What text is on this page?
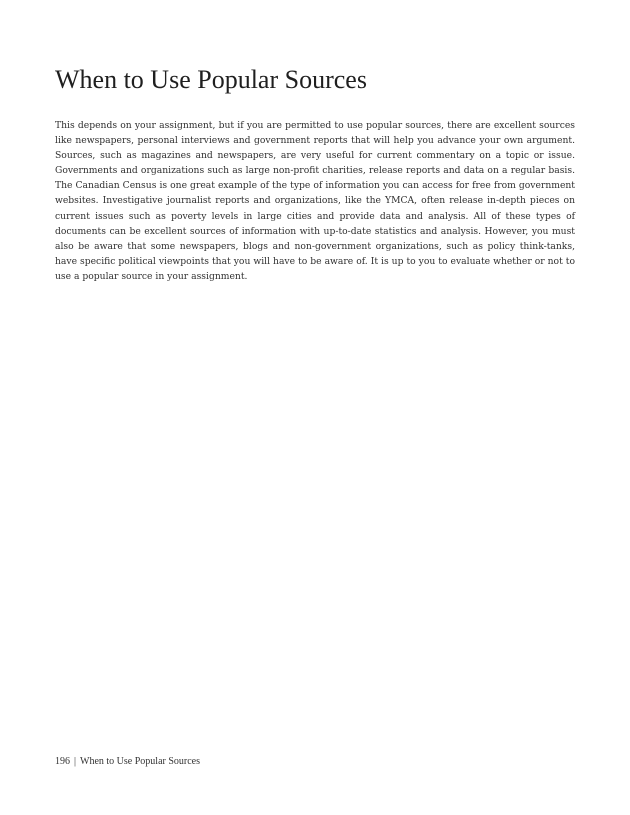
When to Use Popular Sources

This depends on your assignment, but if you are permitted to use popular sources, there are excellent sources like newspapers, personal interviews and government reports that will help you advance your own argument. Sources, such as magazines and newspapers, are very useful for current commentary on a topic or issue. Governments and organizations such as large non-profit charities, release reports and data on a regular basis. The Canadian Census is one great example of the type of information you can access for free from government websites. Investigative journalist reports and organizations, like the YMCA, often release in-depth pieces on current issues such as poverty levels in large cities and provide data and analysis. All of these types of documents can be excellent sources of information with up-to-date statistics and analysis. However, you must also be aware that some newspapers, blogs and non-government organizations, such as policy think-tanks, have specific political viewpoints that you will have to be aware of. It is up to you to evaluate whether or not to use a popular source in your assignment.

196 | When to Use Popular Sources
